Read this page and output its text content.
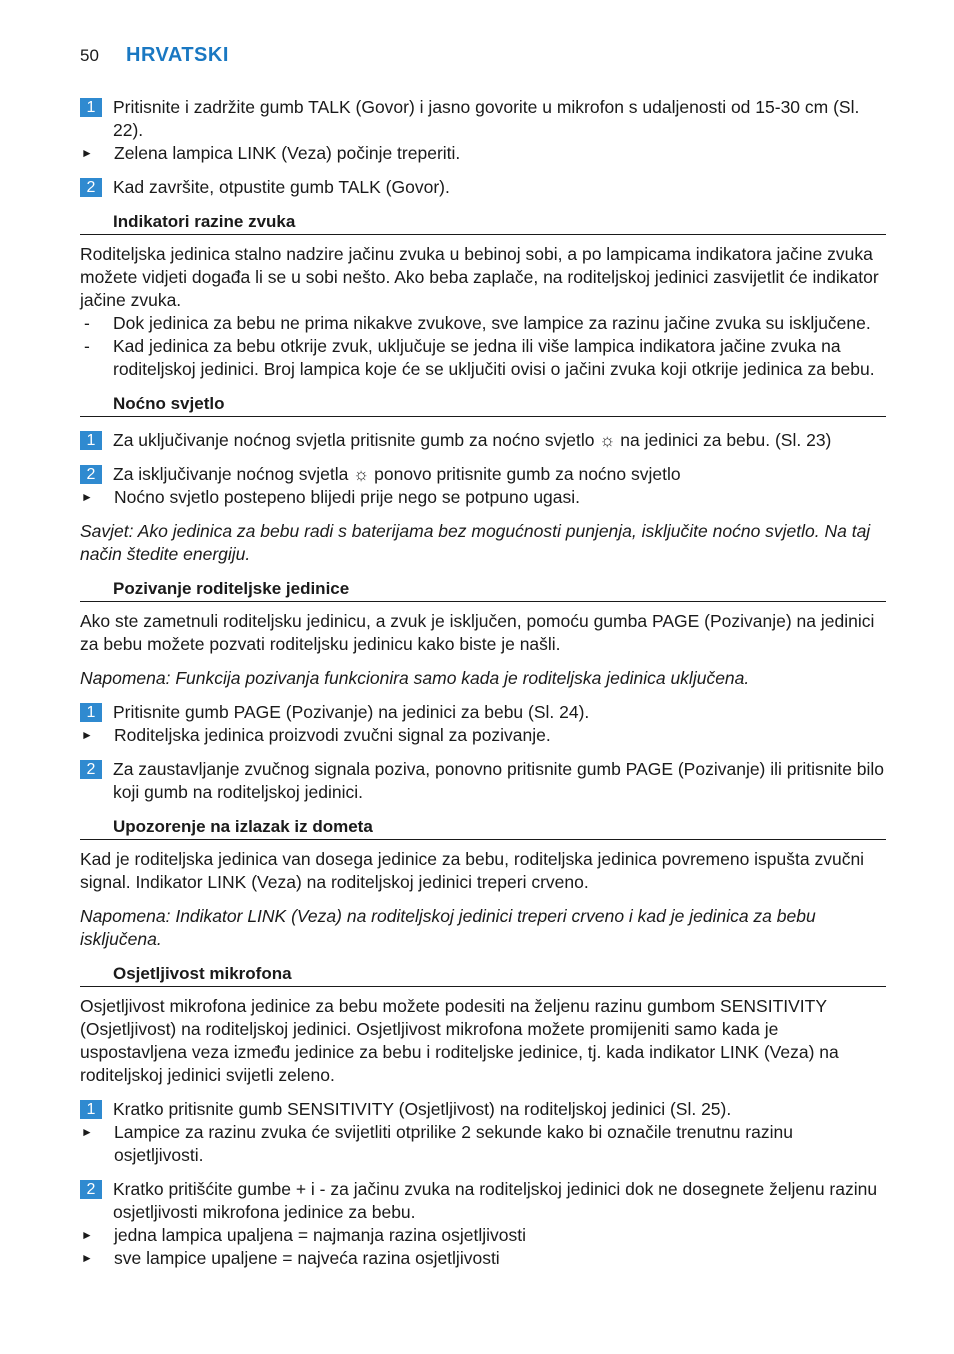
50	HRVATSKI
1	Pritisnite i zadržite gumb TALK (Govor) i jasno govorite u mikrofon s udaljenosti od 15-30 cm (Sl. 22).
►	Zelena lampica LINK (Veza) počinje treperiti.
2	Kad završite, otpustite gumb TALK (Govor).
Indikatori razine zvuka
Roditeljska jedinica stalno nadzire jačinu zvuka u bebinoj sobi, a po lampicama indikatora jačine zvuka možete vidjeti događa li se u sobi nešto. Ako beba zaplače, na roditeljskoj jedinici zasvijetlit će indikator jačine zvuka.
-	Dok jedinica za bebu ne prima nikakve zvukove, sve lampice za razinu jačine zvuka su isključene.
-	Kad jedinica za bebu otkrije zvuk, uključuje se jedna ili više lampica indikatora jačine zvuka na roditeljskoj jedinici. Broj lampica koje će se uključiti ovisi o jačini zvuka koji otkrije jedinica za bebu.
Noćno svjetlo
1	Za uključivanje noćnog svjetla pritisnite gumb za noćno svjetlo ☼ na jedinici za bebu. (Sl. 23)
2	Za isključivanje noćnog svjetla ☼ ponovo pritisnite gumb za noćno svjetlo
►	Noćno svjetlo postepeno blijedi prije nego se potpuno ugasi.
Savjet: Ako jedinica za bebu radi s baterijama bez mogućnosti punjenja, isključite noćno svjetlo. Na taj način štedite energiju.
Pozivanje roditeljske jedinice
Ako ste zametnuli roditeljsku jedinicu, a zvuk je isključen, pomoću gumba PAGE (Pozivanje) na jedinici za bebu možete pozvati roditeljsku jedinicu kako biste je našli.
Napomena: Funkcija pozivanja funkcionira samo kada je roditeljska jedinica uključena.
1	Pritisnite gumb PAGE (Pozivanje) na jedinici za bebu (Sl. 24).
►	Roditeljska jedinica proizvodi zvučni signal za pozivanje.
2	Za zaustavljanje zvučnog signala poziva, ponovno pritisnite gumb PAGE (Pozivanje) ili pritisnite bilo koji gumb na roditeljskoj jedinici.
Upozorenje na izlazak iz dometa
Kad je roditeljska jedinica van dosega jedinice za bebu, roditeljska jedinica povremeno ispušta zvučni signal. Indikator LINK (Veza) na roditeljskoj jedinici treperi crveno.
Napomena: Indikator LINK (Veza) na roditeljskoj jedinici treperi crveno i kad je jedinica za bebu isključena.
Osjetljivost mikrofona
Osjetljivost mikrofona jedinice za bebu možete podesiti na željenu razinu gumbom SENSITIVITY (Osjetljivost) na roditeljskoj jedinici. Osjetljivost mikrofona možete promijeniti samo kada je uspostavljena veza između jedinice za bebu i roditeljske jedinice, tj. kada indikator LINK (Veza) na roditeljskoj jedinici svijetli zeleno.
1	Kratko pritisnite gumb SENSITIVITY (Osjetljivost) na roditeljskoj jedinici (Sl. 25).
►	Lampice za razinu zvuka će svijetliti otprilike 2 sekunde kako bi označile trenutnu razinu osjetljivosti.
2	Kratko pritišćite gumbe + i - za jačinu zvuka na roditeljskoj jedinici dok ne dosegnete željenu razinu osjetljivosti mikrofona jedinice za bebu.
►	jedna lampica upaljena = najmanja razina osjetljivosti
►	sve lampice upaljene = najveća razina osjetljivosti
